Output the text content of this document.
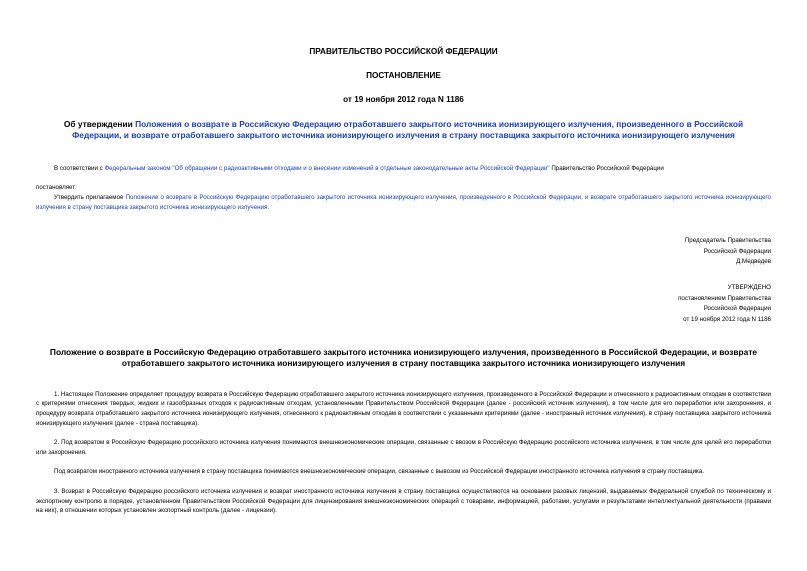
ПРАВИТЕЛЬСТВО РОССИЙСКОЙ ФЕДЕРАЦИИ
ПОСТАНОВЛЕНИЕ
от 19 ноября 2012 года N 1186
Об утверждении Положения о возврате в Российскую Федерацию отработавшего закрытого источника ионизирующего излучения, произведенного в Российской Федерации, и возврате отработавшего закрытого источника ионизирующего излучения в страну поставщика закрытого источника ионизирующего излучения
В соответствии с Федеральным законом "Об обращении с радиоактивными отходами и о внесении изменений в отдельные законодательные акты Российской Федерации" Правительство Российской Федерации
постановляет:
Утвердить прилагаемое Положение о возврате в Российскую Федерацию отработавшего закрытого источника ионизирующего излучения, произведенного в Российской Федерации, и возврате отработавшего закрытого источника ионизирующего излучения в страну поставщика закрытого источника ионизирующего излучения.
Председатель Правительства
Российской Федерации
Д.Медведев
УТВЕРЖДЕНО
постановлением Правительства
Российской Федерации
от 19 ноября 2012 года N 1186
Положение о возврате в Российскую Федерацию отработавшего закрытого источника ионизирующего излучения, произведенного в Российской Федерации, и возврате отработавшего закрытого источника ионизирующего излучения в страну поставщика закрытого источника ионизирующего излучения
1. Настоящее Положение определяет процедуру возврата в Российскую Федерацию отработавшего закрытого источника ионизирующего излучения, произведенного в Российской Федерации и отнесенного к радиоактивным отходам в соответствии с критериями отнесения твердых, жидких и газообразных отходов к радиоактивным отходам, установленными Правительством Российской Федерации (далее - российский источник излучения), в том числе для его переработки или захоронения, и процедуру возврата отработавшего закрытого источника ионизирующего излучения, отнесенного к радиоактивным отходам в соответствии с указанными критериями (далее - иностранный источник излучения), в страну поставщика закрытого источника ионизирующего излучения (далее - страна поставщика).
2. Под возвратом в Российскую Федерацию российского источника излучения понимаются внешнеэкономические операции, связанные с ввозом в Российскую Федерацию российского источника излучения, в том числе для целей его переработки или захоронения.
Под возвратом иностранного источника излучения в страну поставщика понимаются внешнеэкономические операции, связанные с вывозом из Российской Федерации иностранного источника излучения в страну поставщика.
3. Возврат в Российскую Федерацию российского источника излучения и возврат иностранного источника излучения в страну поставщика осуществляются на основании разовых лицензий, выдаваемых Федеральной службой по техническому и экспортному контролю в порядке, установленном Правительством Российской Федерации для лицензирования внешнеэкономических операций с товарами, информацией, работами, услугами и результатами интеллектуальной деятельности (правами на них), в отношении которых установлен экспортный контроль (далее - лицензии).
